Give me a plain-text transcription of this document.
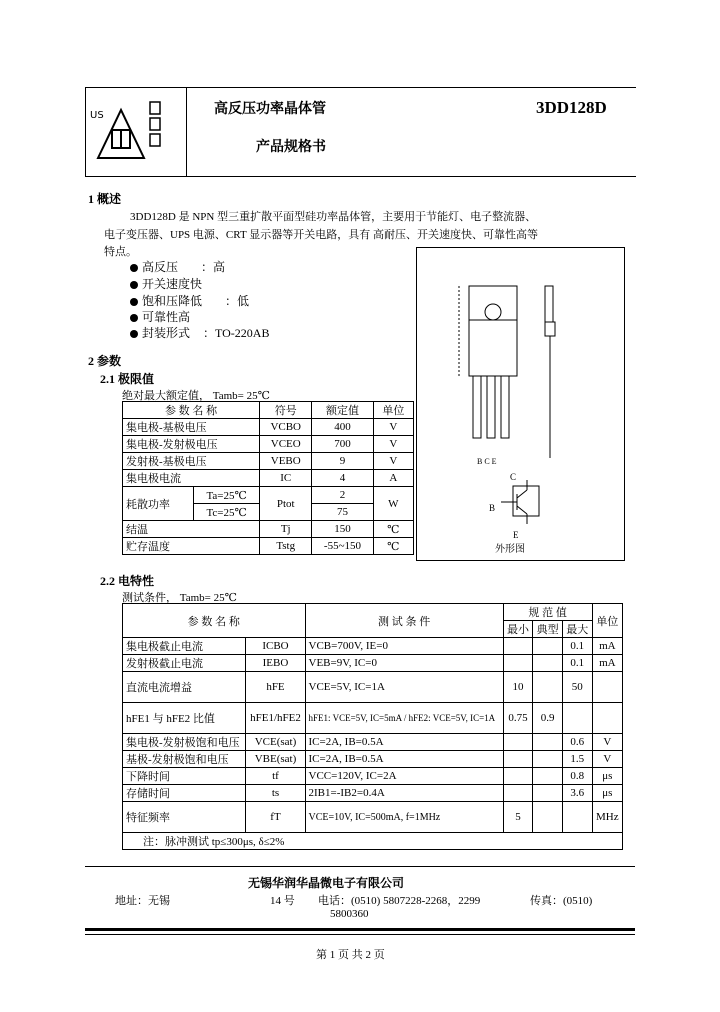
US	高反压功率晶体管
产品规格书
3DD128D
1 概述
3DD128D 是 NPN 型三重扩散平面型硅功率晶体管，主要用于节能灯、电子整流器、
电子变压器、UPS 电源、CRT 显示器等开关电路，具有 高耐压、开关速度快、可靠性高等
特点。
高反压 ：高
开关速度快
饱和压降低 ：低
可靠性高
封装形式 ：TO-220AB
2 参数
2.1 极限值
绝对最大额定值， Tamb= 25℃
参 数 名 称		符号	额定值	单位
集电极-基极电压		VCBO	400	V
集电极-发射极电压		VCEO	700	V
发射极-基极电压		VEBO	9	V
集电极电流		IC	4	A
耗散功率	Ta=25℃	Ptot	2	W
	Tc=25℃		75	
结温		Tj	150	℃
贮存温度		Tstg	-55~150	℃
B C E
C
B
E
外形图
2.2 电特性
测试条件， Tamb= 25℃
参 数 名 称		测 试 条 件	规 范 值			单位
			最小	典型	最大	
集电极截止电流	ICBO	VCB=700V, IE=0			0.1	mA
发射极截止电流	IEBO	VEB=9V, IC=0			0.1	mA
直流电流增益	hFE	VCE=5V, IC=1A	10		50	
hFE1 与 hFE2 比值	hFE1/hFE2	hFE1: VCE=5V, IC=5mA / hFE2: VCE=5V, IC=1A	0.75	0.9		
集电极-发射极饱和电压	VCE(sat)	IC=2A, IB=0.5A			0.6	V
基极-发射极饱和电压	VBE(sat)	IC=2A, IB=0.5A			1.5	V
下降时间	tf	VCC=120V, IC=2A			0.8	μs
存储时间	ts	2IB1=-IB2=0.4A			3.6	μs
特征频率	fT	VCE=10V, IC=500mA, f=1MHz	5			MHz
注：脉冲测试 tp≤300μs, δ≤2%						
无锡华润华晶微电子有限公司
地址：无锡	14 号 电话：(0510) 5807228-2268，2299	传真：(0510)
5800360
第 1 页 共 2 页
